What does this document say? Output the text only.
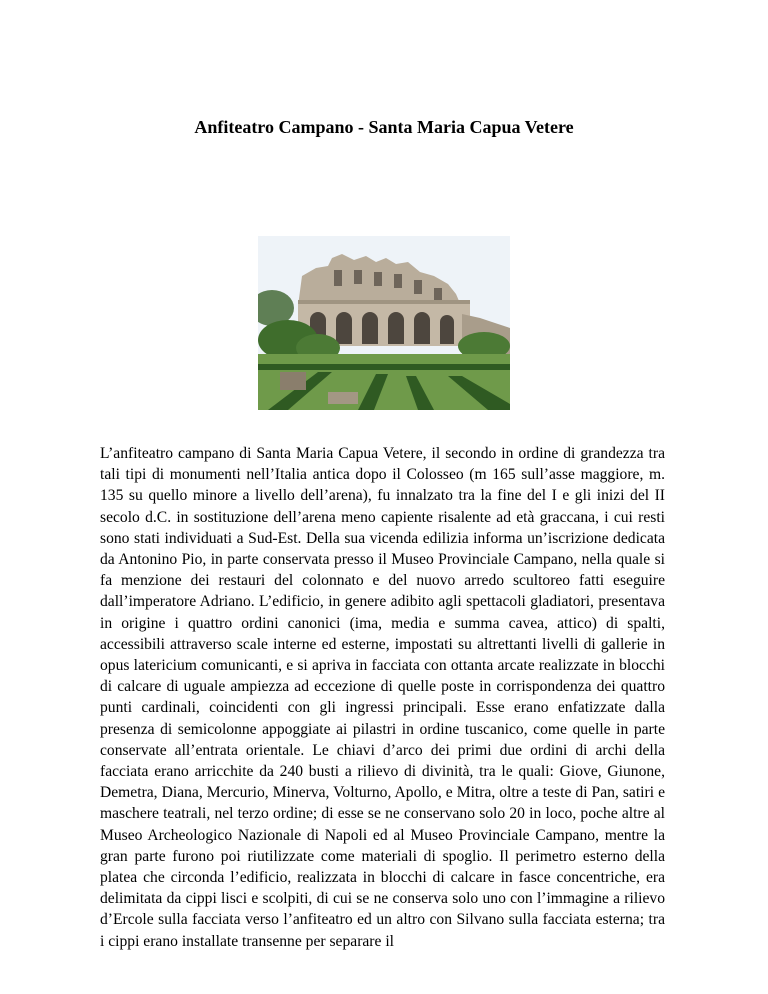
Anfiteatro Campano - Santa Maria Capua Vetere

L’anfiteatro campano di Santa Maria Capua Vetere, il secondo in ordine di grandezza tra tali tipi di monumenti nell’Italia antica dopo il Colosseo (m 165 sull’asse maggiore, m. 135 su quello minore a livello dell’arena), fu innalzato tra la fine del I e gli inizi del II secolo d.C. in sostituzione dell’arena meno capiente risalente ad età graccana, i cui resti sono stati individuati a Sud-Est. Della sua vicenda edilizia informa un’iscrizione dedicata da Antonino Pio, in parte conservata presso il Museo Provinciale Campano, nella quale si fa menzione dei restauri del colonnato e del nuovo arredo scultoreo fatti eseguire dall’imperatore Adriano. L’edificio, in genere adibito agli spettacoli gladiatori, presentava in origine i quattro ordini canonici (ima, media e summa cavea, attico) di spalti, accessibili attraverso scale interne ed esterne, impostati su altrettanti livelli di gallerie in opus latericium comunicanti, e si apriva in facciata con ottanta arcate realizzate in blocchi di calcare di uguale ampiezza ad eccezione di quelle poste in corrispondenza dei quattro punti cardinali, coincidenti con gli ingressi principali. Esse erano enfatizzate dalla presenza di semicolonne appoggiate ai pilastri in ordine tuscanico, come quelle in parte conservate all’entrata orientale. Le chiavi d’arco dei primi due ordini di archi della facciata erano arricchite da 240 busti a rilievo di divinità, tra le quali: Giove, Giunone, Demetra, Diana, Mercurio, Minerva, Volturno, Apollo, e Mitra, oltre a teste di Pan, satiri e maschere teatrali, nel terzo ordine; di esse se ne conservano solo 20 in loco, poche altre al Museo Archeologico Nazionale di Napoli ed al Museo Provinciale Campano, mentre la gran parte furono poi riutilizzate come materiali di spoglio. Il perimetro esterno della platea che circonda l’edificio, realizzata in blocchi di calcare in fasce concentriche, era delimitata da cippi lisci e scolpiti, di cui se ne conserva solo uno con l’immagine a rilievo d’Ercole sulla facciata verso l’anfiteatro ed un altro con Silvano sulla facciata esterna; tra i cippi erano installate transenne per separare il
